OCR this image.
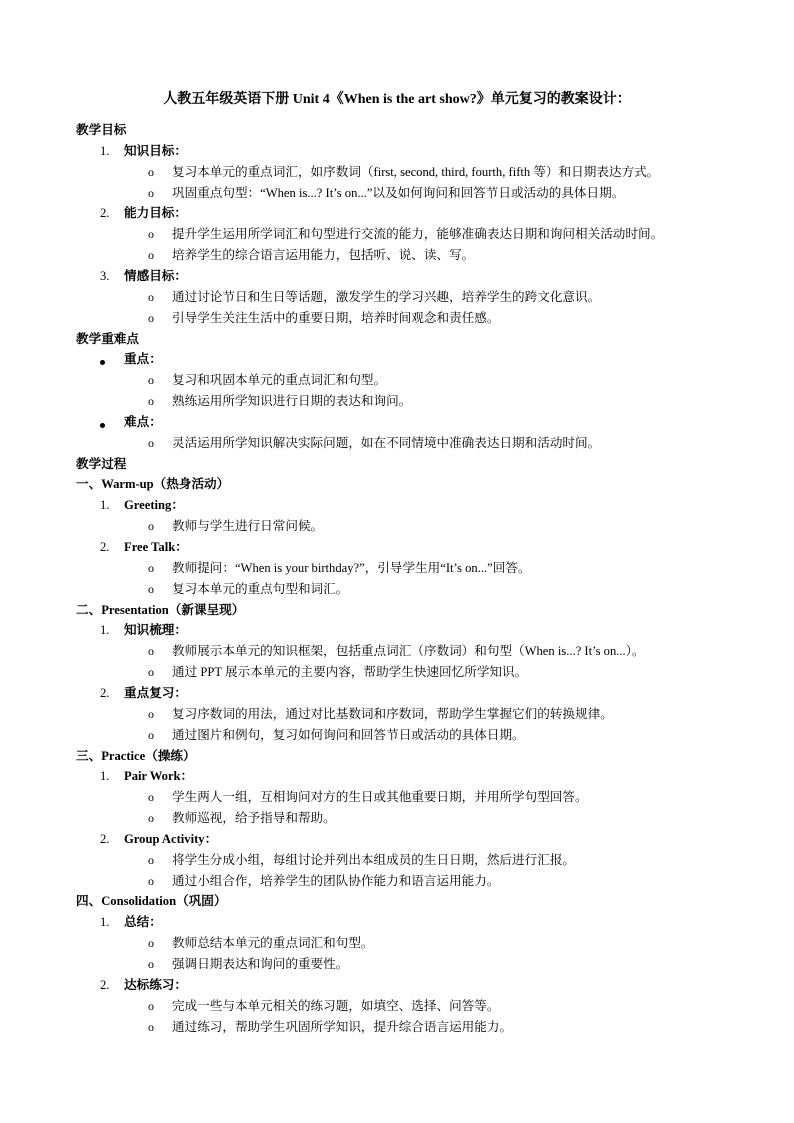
人教五年级英语下册 Unit 4《When is the art show?》单元复习的教案设计：
教学目标
1. 知识目标：
o 复习本单元的重点词汇，如序数词（first, second, third, fourth, fifth 等）和日期表达方式。
o 巩固重点句型：“When is...? It’s on...”以及如何询问和回答节日或活动的具体日期。
2. 能力目标：
o 提升学生运用所学词汇和句型进行交流的能力，能够准确表达日期和询问相关活动时间。
o 培养学生的综合语言运用能力，包括听、说、读、写。
3. 情感目标：
o 通过讨论节日和生日等话题，激发学生的学习兴趣，培养学生的跨文化意识。
o 引导学生关注生活中的重要日期，培养时间观念和责任感。
教学重难点
重点：
o 复习和巩固本单元的重点词汇和句型。
o 熟练运用所学知识进行日期的表达和询问。
难点：
o 灵活运用所学知识解决实际问题，如在不同情境中准确表达日期和活动时间。
教学过程
一、Warm-up（热身活动）
1. Greeting：
o 教师与学生进行日常问候。
2. Free Talk：
o 教师提问：“When is your birthday?”，引导学生用“It’s on...”回答。
o 复习本单元的重点句型和词汇。
二、Presentation（新课呈现）
1. 知识梳理：
o 教师展示本单元的知识框架，包括重点词汇（序数词）和句型（When is...? It’s on...）。
o 通过 PPT 展示本单元的主要内容，帮助学生快速回忆所学知识。
2. 重点复习：
o 复习序数词的用法，通过对比基数词和序数词，帮助学生掌握它们的转换规律。
o 通过图片和例句，复习如何询问和回答节日或活动的具体日期。
三、Practice（操练）
1. Pair Work：
o 学生两人一组，互相询问对方的生日或其他重要日期，并用所学句型回答。
o 教师巡视，给予指导和帮助。
2. Group Activity：
o 将学生分成小组，每组讨论并列出本组成员的生日日期，然后进行汇报。
o 通过小组合作，培养学生的团队协作能力和语言运用能力。
四、Consolidation（巩固）
1. 总结：
o 教师总结本单元的重点词汇和句型。
o 强调日期表达和询问的重要性。
2. 达标练习：
o 完成一些与本单元相关的练习题，如填空、选择、问答等。
o 通过练习，帮助学生巩固所学知识，提升综合语言运用能力。
